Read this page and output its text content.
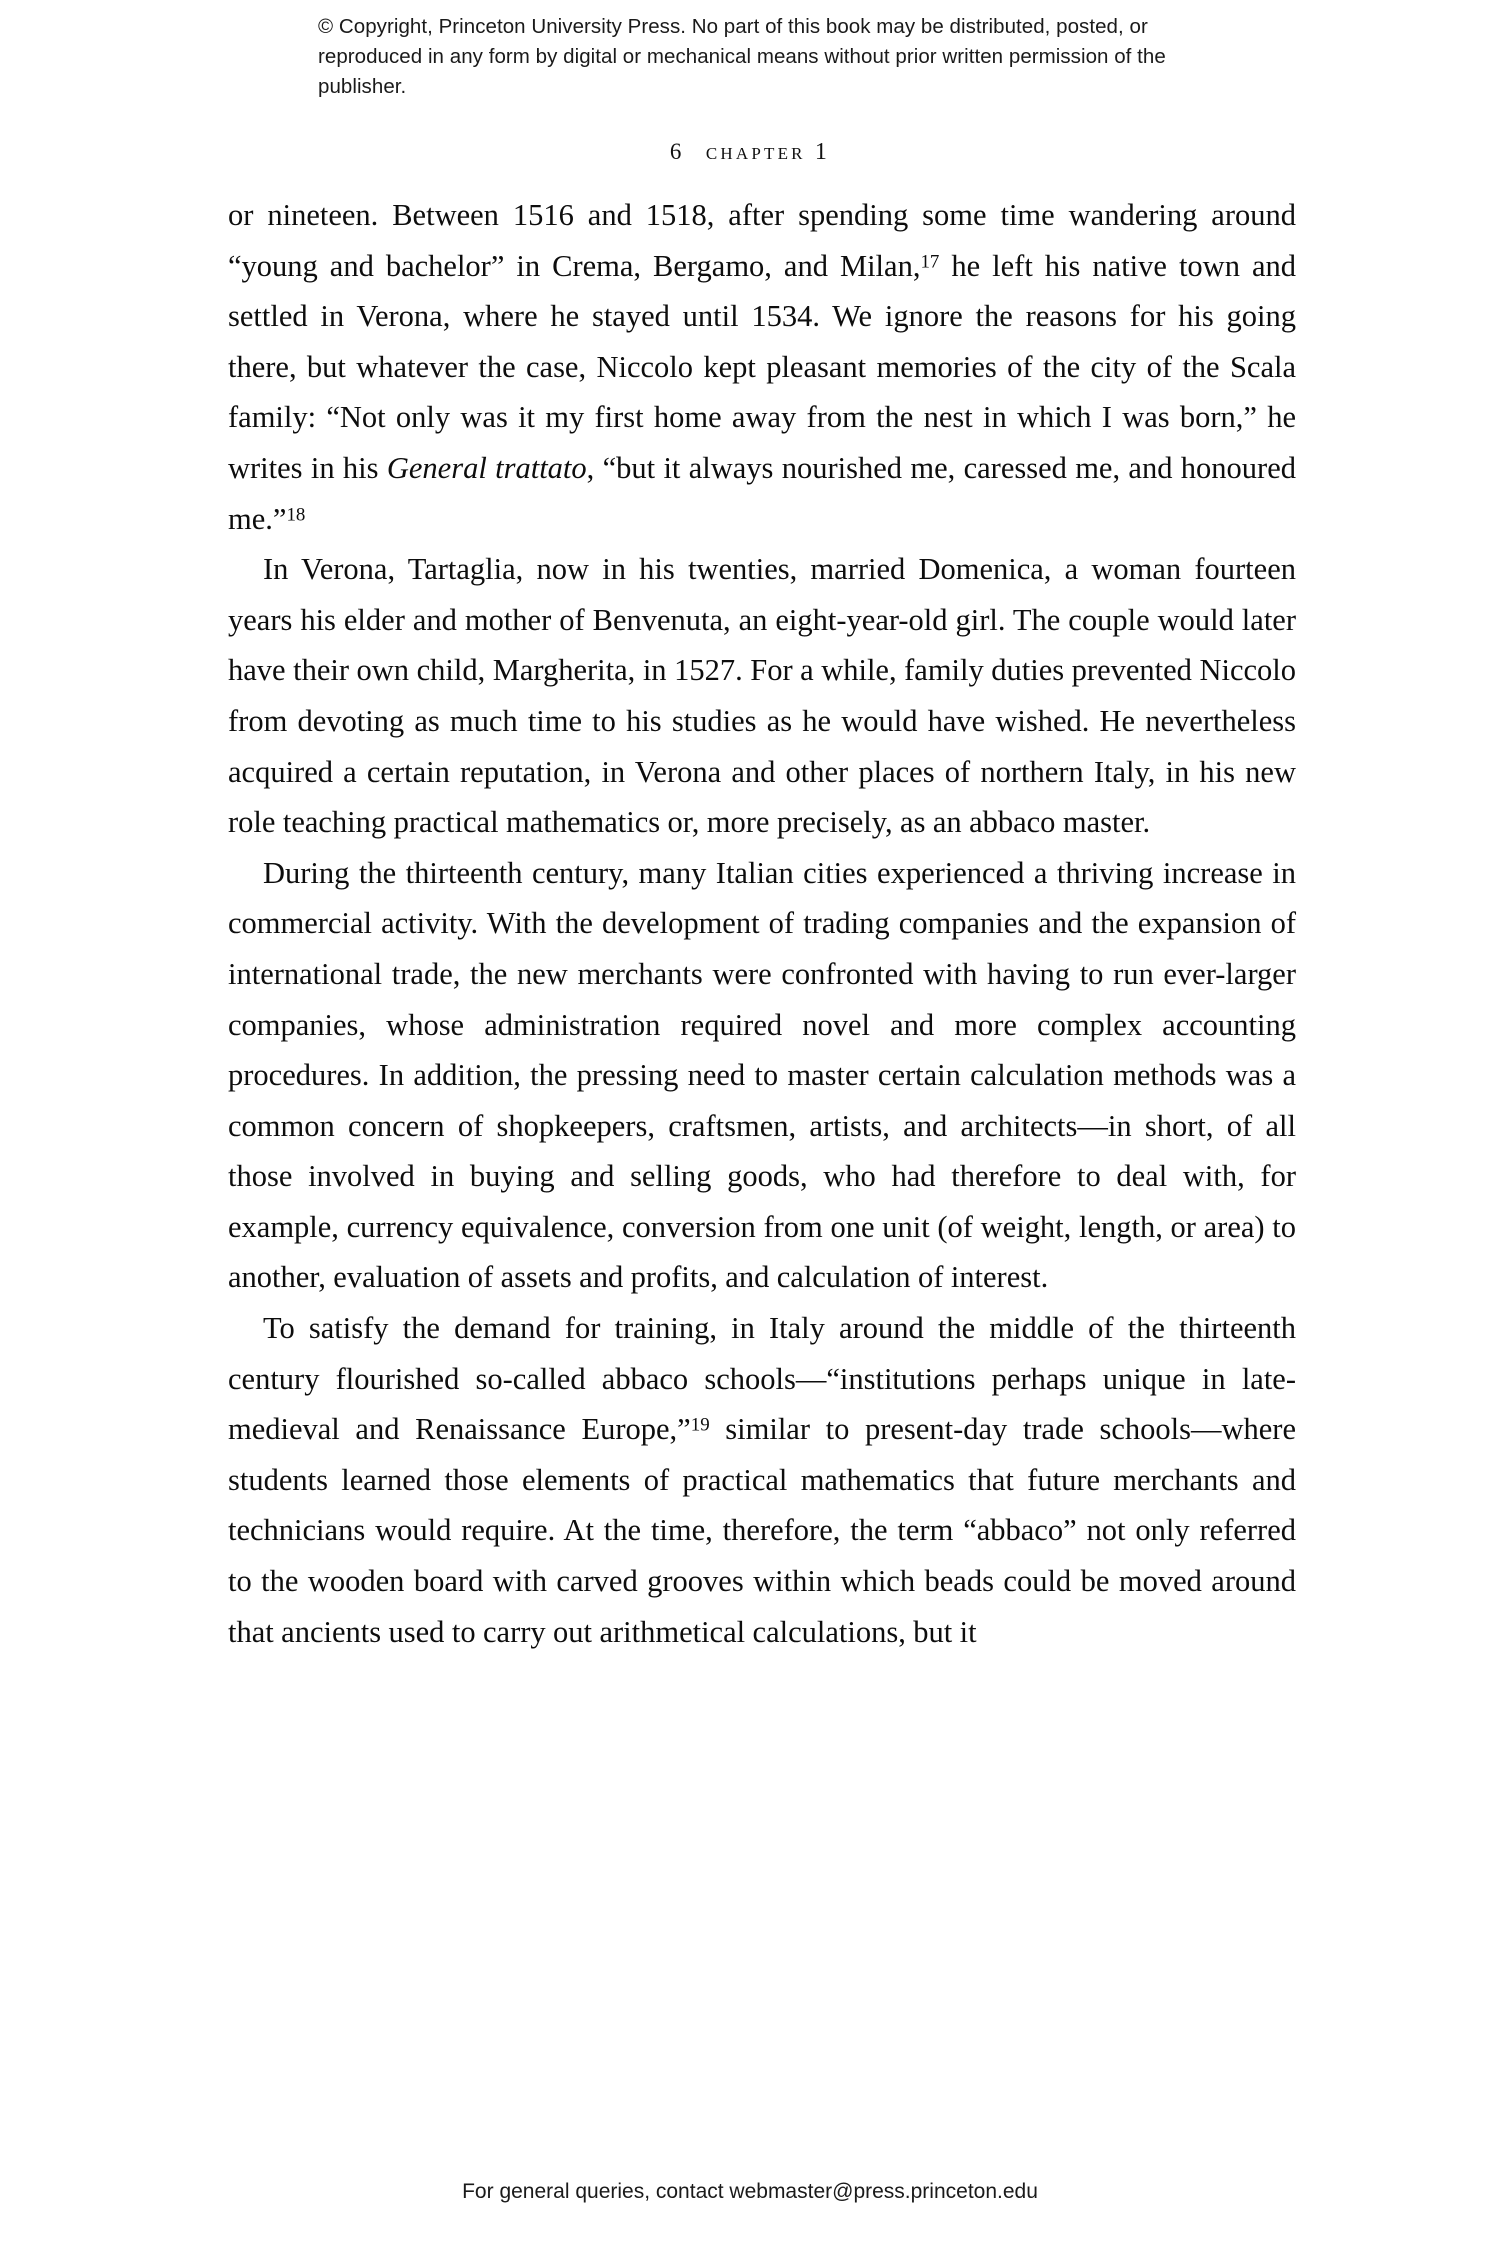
© Copyright, Princeton University Press. No part of this book may be distributed, posted, or reproduced in any form by digital or mechanical means without prior written permission of the publisher.
6 chapter 1

or nineteen. Between 1516 and 1518, after spending some time wandering around “young and bachelor” in Crema, Bergamo, and Milan,$^{17}$ he left his native town and settled in Verona, where he stayed until 1534. We ignore the reasons for his going there, but whatever the case, Niccolo kept pleasant memories of the city of the Scala family: “Not only was it my first home away from the nest in which I was born,” he writes in his General trattato, “but it always nourished me, caressed me, and honoured me.”$^{18}$

In Verona, Tartaglia, now in his twenties, married Domenica, a woman fourteen years his elder and mother of Benvenuta, an eight-year-old girl. The couple would later have their own child, Margherita, in 1527. For a while, family duties prevented Niccolo from devoting as much time to his studies as he would have wished. He nevertheless acquired a certain reputation, in Verona and other places of northern Italy, in his new role teaching practical mathematics or, more precisely, as an abbaco master.

During the thirteenth century, many Italian cities experienced a thriving increase in commercial activity. With the development of trading companies and the expansion of international trade, the new merchants were confronted with having to run ever-larger companies, whose administration required novel and more complex accounting procedures. In addition, the pressing need to master certain calculation methods was a common concern of shopkeepers, craftsmen, artists, and architects—in short, of all those involved in buying and selling goods, who had therefore to deal with, for example, currency equivalence, conversion from one unit (of weight, length, or area) to another, evaluation of assets and profits, and calculation of interest.

To satisfy the demand for training, in Italy around the middle of the thirteenth century flourished so-called abbaco schools—“institutions perhaps unique in late-medieval and Renaissance Europe,”$^{19}$ similar to present-day trade schools—where students learned those elements of practical mathematics that future merchants and technicians would require. At the time, therefore, the term “abbaco” not only referred to the wooden board with carved grooves within which beads could be moved around that ancients used to carry out arithmetical calculations, but it

For general queries, contact webmaster@press.princeton.edu
